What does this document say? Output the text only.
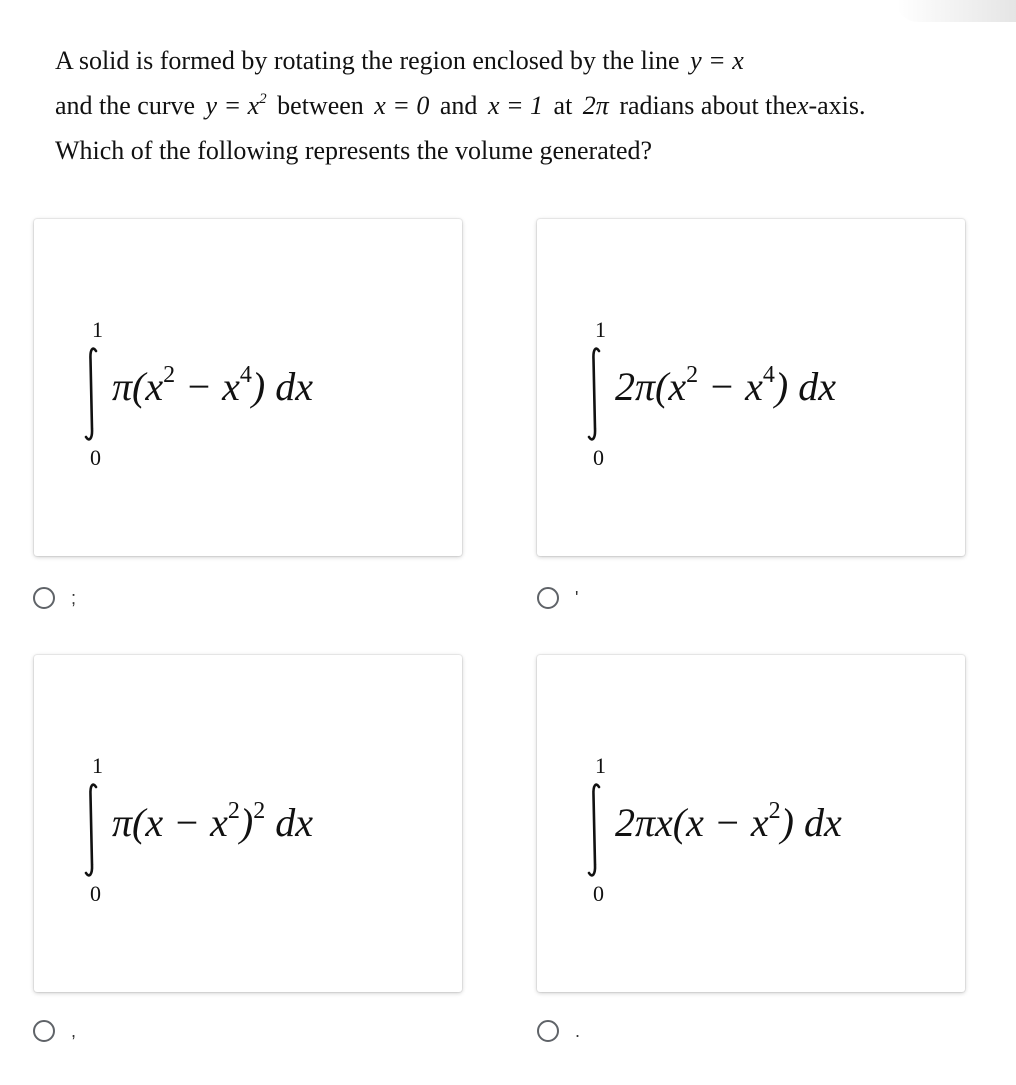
A solid is formed by rotating the region enclosed by the line y = x
and the curve $y = x^2$ between x = 0 and x = 1 at 2π radians about thex-axis.
Which of the following represents the volume generated?
1
0
$\pi(x^2 - x^4)$ dx
;
1
0
$2\pi(x^2 - x^4)$ dx
'
1
0
$\pi(x - x^2)^2$ dx
,
1
0
$2\pi x(x - x^2)$ dx
.
